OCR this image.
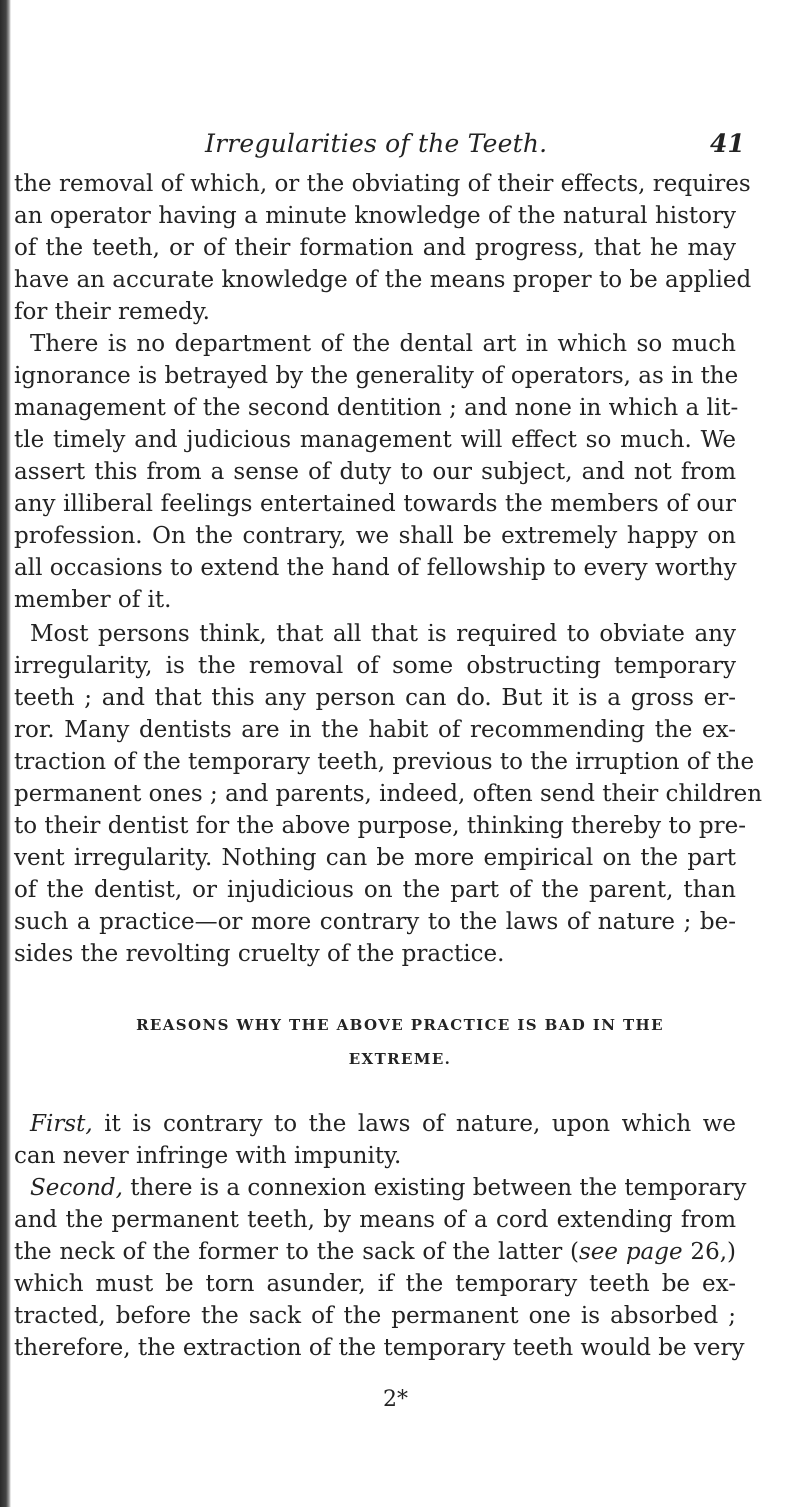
Irregularities of the Teeth.	41
the removal of which, or the obviating of their effects, requires
an operator having a minute knowledge of the natural history
of the teeth, or of their formation and progress, that he may
have an accurate knowledge of the means proper to be applied
for their remedy.
There is no department of the dental art in which so much
ignorance is betrayed by the generality of operators, as in the
management of the second dentition ; and none in which a lit-
tle timely and judicious management will effect so much. We
assert this from a sense of duty to our subject, and not from
any illiberal feelings entertained towards the members of our
profession. On the contrary, we shall be extremely happy on
all occasions to extend the hand of fellowship to every worthy
member of it.
Most persons think, that all that is required to obviate any
irregularity, is the removal of some obstructing temporary
teeth ; and that this any person can do. But it is a gross er-
ror. Many dentists are in the habit of recommending the ex-
traction of the temporary teeth, previous to the irruption of the
permanent ones ; and parents, indeed, often send their children
to their dentist for the above purpose, thinking thereby to pre-
vent irregularity. Nothing can be more empirical on the part
of the dentist, or injudicious on the part of the parent, than
such a practice—or more contrary to the laws of nature ; be-
sides the revolting cruelty of the practice.
REASONS WHY THE ABOVE PRACTICE IS BAD IN THE
EXTREME.
First, it is contrary to the laws of nature, upon which we
can never infringe with impunity.
Second, there is a connexion existing between the temporary
and the permanent teeth, by means of a cord extending from
the neck of the former to the sack of the latter (see page 26,)
which must be torn asunder, if the temporary teeth be ex-
tracted, before the sack of the permanent one is absorbed ;
therefore, the extraction of the temporary teeth would be very
2*
